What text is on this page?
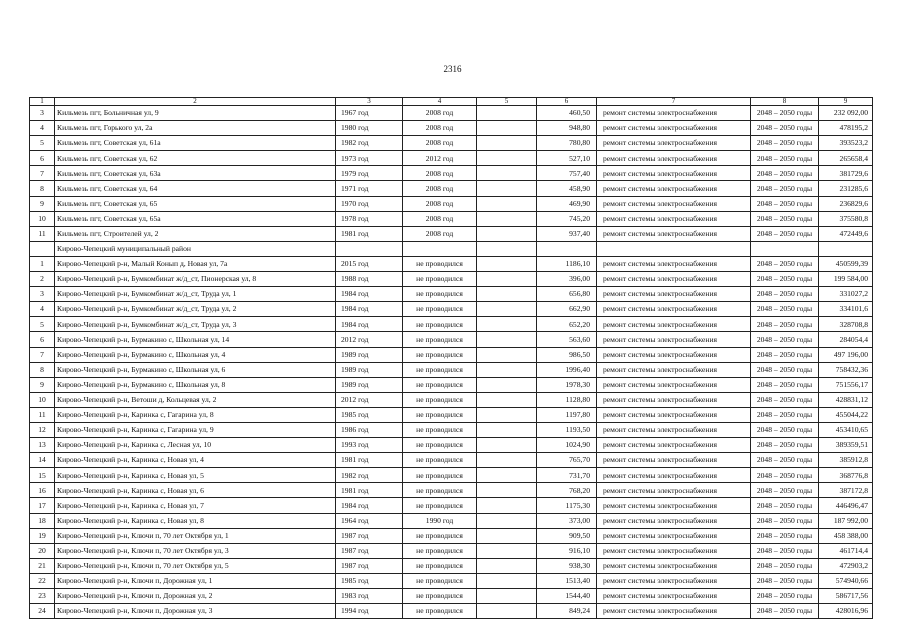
2316
1	2	3	4	5	6	7	8	9
3	Кильмезь пгт, Больничная ул, 9	1967 год	2008 год		460,50	ремонт системы электроснабжения	2048 – 2050 годы	232 092,00
4	Кильмезь пгт, Горького ул, 2а	1980 год	2008 год		948,80	ремонт системы электроснабжения	2048 – 2050 годы	478195,2
5	Кильмезь пгт, Советская ул, 61а	1982 год	2008 год		780,80	ремонт системы электроснабжения	2048 – 2050 годы	393523,2
6	Кильмезь пгт, Советская ул, 62	1973 год	2012 год		527,10	ремонт системы электроснабжения	2048 – 2050 годы	265658,4
7	Кильмезь пгт, Советская ул, 63а	1979 год	2008 год		757,40	ремонт системы электроснабжения	2048 – 2050 годы	381729,6
8	Кильмезь пгт, Советская ул, 64	1971 год	2008 год		458,90	ремонт системы электроснабжения	2048 – 2050 годы	231285,6
9	Кильмезь пгт, Советская ул, 65	1970 год	2008 год		469,90	ремонт системы электроснабжения	2048 – 2050 годы	236829,6
10	Кильмезь пгт, Советская ул, 65а	1978 год	2008 год		745,20	ремонт системы электроснабжения	2048 – 2050 годы	375580,8
11	Кильмезь пгт, Строителей ул, 2	1981 год	2008 год		937,40	ремонт системы электроснабжения	2048 – 2050 годы	472449,6
	Кирово-Чепецкий муниципальный район							
1	Кирово-Чепецкий р-н, Малый Конып д, Новая ул, 7а	2015 год	не проводился		1186,10	ремонт системы электроснабжения	2048 – 2050 годы	450599,39
2	Кирово-Чепецкий р-н, Бумкомбинат ж/д_ст, Пионерская ул, 8	1988 год	не проводился		396,00	ремонт системы электроснабжения	2048 – 2050 годы	199 584,00
3	Кирово-Чепецкий р-н, Бумкомбинат ж/д_ст, Труда ул, 1	1984 год	не проводился		656,80	ремонт системы электроснабжения	2048 – 2050 годы	331027,2
4	Кирово-Чепецкий р-н, Бумкомбинат ж/д_ст, Труда ул, 2	1984 год	не проводился		662,90	ремонт системы электроснабжения	2048 – 2050 годы	334101,6
5	Кирово-Чепецкий р-н, Бумкомбинат ж/д_ст, Труда ул, 3	1984 год	не проводился		652,20	ремонт системы электроснабжения	2048 – 2050 годы	328708,8
6	Кирово-Чепецкий р-н, Бурмакино с, Школьная ул, 14	2012 год	не проводился		563,60	ремонт системы электроснабжения	2048 – 2050 годы	284054,4
7	Кирово-Чепецкий р-н, Бурмакино с, Школьная ул, 4	1989 год	не проводился		986,50	ремонт системы электроснабжения	2048 – 2050 годы	497 196,00
8	Кирово-Чепецкий р-н, Бурмакино с, Школьная ул, 6	1989 год	не проводился		1996,40	ремонт системы электроснабжения	2048 – 2050 годы	758432,36
9	Кирово-Чепецкий р-н, Бурмакино с, Школьная ул, 8	1989 год	не проводился		1978,30	ремонт системы электроснабжения	2048 – 2050 годы	751556,17
10	Кирово-Чепецкий р-н, Ветоши д, Кольцевая ул, 2	2012 год	не проводился		1128,80	ремонт системы электроснабжения	2048 – 2050 годы	428831,12
11	Кирово-Чепецкий р-н, Каринка с, Гагарина ул, 8	1985 год	не проводился		1197,80	ремонт системы электроснабжения	2048 – 2050 годы	455044,22
12	Кирово-Чепецкий р-н, Каринка с, Гагарина ул, 9	1986 год	не проводился		1193,50	ремонт системы электроснабжения	2048 – 2050 годы	453410,65
13	Кирово-Чепецкий р-н, Каринка с, Лесная ул, 10	1993 год	не проводился		1024,90	ремонт системы электроснабжения	2048 – 2050 годы	389359,51
14	Кирово-Чепецкий р-н, Каринка с, Новая ул, 4	1981 год	не проводился		765,70	ремонт системы электроснабжения	2048 – 2050 годы	385912,8
15	Кирово-Чепецкий р-н, Каринка с, Новая ул, 5	1982 год	не проводился		731,70	ремонт системы электроснабжения	2048 – 2050 годы	368776,8
16	Кирово-Чепецкий р-н, Каринка с, Новая ул, 6	1981 год	не проводился		768,20	ремонт системы электроснабжения	2048 – 2050 годы	387172,8
17	Кирово-Чепецкий р-н, Каринка с, Новая ул, 7	1984 год	не проводился		1175,30	ремонт системы электроснабжения	2048 – 2050 годы	446496,47
18	Кирово-Чепецкий р-н, Каринка с, Новая ул, 8	1964 год	1990 год		373,00	ремонт системы электроснабжения	2048 – 2050 годы	187 992,00
19	Кирово-Чепецкий р-н, Ключи п, 70 лет Октября ул, 1	1987 год	не проводился		909,50	ремонт системы электроснабжения	2048 – 2050 годы	458 388,00
20	Кирово-Чепецкий р-н, Ключи п, 70 лет Октября ул, 3	1987 год	не проводился		916,10	ремонт системы электроснабжения	2048 – 2050 годы	461714,4
21	Кирово-Чепецкий р-н, Ключи п, 70 лет Октября ул, 5	1987 год	не проводился		938,30	ремонт системы электроснабжения	2048 – 2050 годы	472903,2
22	Кирово-Чепецкий р-н, Ключи п, Дорожная ул, 1	1985 год	не проводился		1513,40	ремонт системы электроснабжения	2048 – 2050 годы	574940,66
23	Кирово-Чепецкий р-н, Ключи п, Дорожная ул, 2	1983 год	не проводился		1544,40	ремонт системы электроснабжения	2048 – 2050 годы	586717,56
24	Кирово-Чепецкий р-н, Ключи п, Дорожная ул, 3	1994 год	не проводился		849,24	ремонт системы электроснабжения	2048 – 2050 годы	428016,96
